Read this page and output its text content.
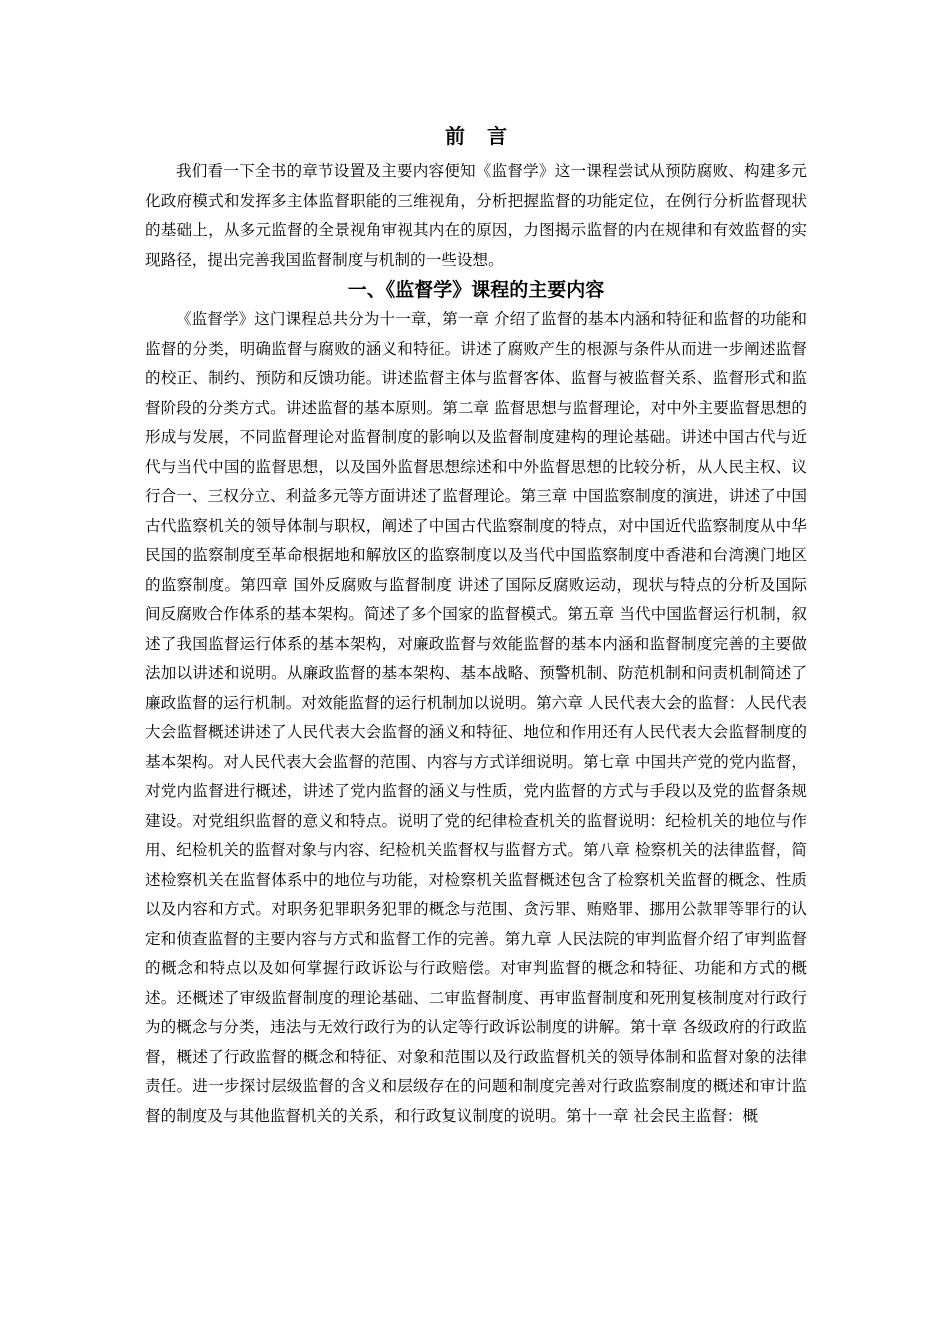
前言

我们看一下全书的章节设置及主要内容便知《监督学》这一课程尝试从预防腐败、构建多元化政府模式和发挥多主体监督职能的三维视角，分析把握监督的功能定位，在例行分析监督现状的基础上，从多元监督的全景视角审视其内在的原因，力图揭示监督的内在规律和有效监督的实现路径，提出完善我国监督制度与机制的一些设想。

一、《监督学》课程的主要内容

《监督学》这门课程总共分为十一章，第一章 介绍了监督的基本内涵和特征和监督的功能和监督的分类，明确监督与腐败的涵义和特征。讲述了腐败产生的根源与条件从而进一步阐述监督的校正、制约、预防和反馈功能。讲述监督主体与监督客体、监督与被监督关系、监督形式和监督阶段的分类方式。讲述监督的基本原则。第二章 监督思想与监督理论，对中外主要监督思想的形成与发展，不同监督理论对监督制度的影响以及监督制度建构的理论基础。讲述中国古代与近代与当代中国的监督思想，以及国外监督思想综述和中外监督思想的比较分析，从人民主权、议行合一、三权分立、利益多元等方面讲述了监督理论。第三章 中国监察制度的演进，讲述了中国古代监察机关的领导体制与职权，阐述了中国古代监察制度的特点，对中国近代监察制度从中华民国的监察制度至革命根据地和解放区的监察制度以及当代中国监察制度中香港和台湾澳门地区的监察制度。第四章 国外反腐败与监督制度 讲述了国际反腐败运动，现状与特点的分析及国际间反腐败合作体系的基本架构。简述了多个国家的监督模式。第五章 当代中国监督运行机制，叙述了我国监督运行体系的基本架构，对廉政监督与效能监督的基本内涵和监督制度完善的主要做法加以讲述和说明。从廉政监督的基本架构、基本战略、预警机制、防范机制和问责机制简述了廉政监督的运行机制。对效能监督的运行机制加以说明。第六章 人民代表大会的监督：人民代表大会监督概述讲述了人民代表大会监督的涵义和特征、地位和作用还有人民代表大会监督制度的基本架构。对人民代表大会监督的范围、内容与方式详细说明。第七章 中国共产党的党内监督，对党内监督进行概述，讲述了党内监督的涵义与性质，党内监督的方式与手段以及党的监督条规建设。对党组织监督的意义和特点。说明了党的纪律检查机关的监督说明：纪检机关的地位与作用、纪检机关的监督对象与内容、纪检机关监督权与监督方式。第八章 检察机关的法律监督，简述检察机关在监督体系中的地位与功能，对检察机关监督概述包含了检察机关监督的概念、性质以及内容和方式。对职务犯罪职务犯罪的概念与范围、贪污罪、贿赂罪、挪用公款罪等罪行的认定和侦查监督的主要内容与方式和监督工作的完善。第九章 人民法院的审判监督介绍了审判监督的概念和特点以及如何掌握行政诉讼与行政赔偿。对审判监督的概念和特征、功能和方式的概述。还概述了审级监督制度的理论基础、二审监督制度、再审监督制度和死刑复核制度对行政行为的概念与分类，违法与无效行政行为的认定等行政诉讼制度的讲解。第十章 各级政府的行政监督，概述了行政监督的概念和特征、对象和范围以及行政监督机关的领导体制和监督对象的法律责任。进一步探讨层级监督的含义和层级存在的问题和制度完善对行政监察制度的概述和审计监督的制度及与其他监督机关的关系，和行政复议制度的说明。第十一章 社会民主监督：概
